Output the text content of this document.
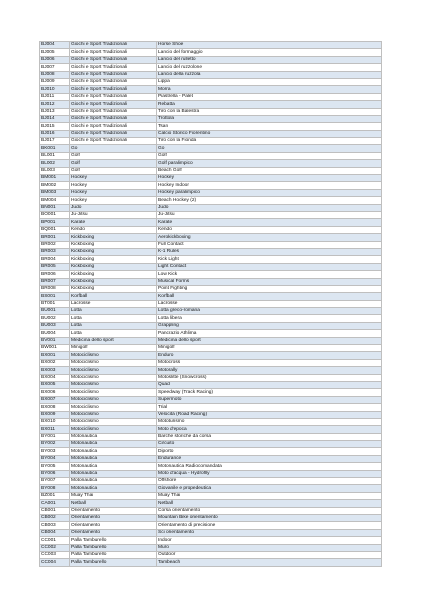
BJ004	Giochi e Sport Tradizionali	Horse Shoe
BJ005	Giochi e Sport Tradizionali	Lancio del formaggio
BJ006	Giochi e Sport Tradizionali	Lancio del rulletto
BJ007	Giochi e Sport Tradizionali	Lancio del ruzzolone
BJ008	Giochi e Sport Tradizionali	Lancio della ruzzola
BJ009	Giochi e Sport Tradizionali	Lippa
BJ010	Giochi e Sport Tradizionali	Morra
BJ011	Giochi e Sport Tradizionali	Piastrella - Palet
BJ012	Giochi e Sport Tradizionali	Rebatta
BJ013	Giochi e Sport Tradizionali	Tiro con la Balestra
BJ014	Giochi e Sport Tradizionali	Trottola
BJ015	Giochi e Sport Tradizionali	Tsan
BJ016	Giochi e Sport Tradizionali	Calcio Storico Fiorentino
BJ017	Giochi e Sport Tradizionali	Tiro con la Fionda
BK001	Go	Go
BL001	Golf	Golf
BL002	Golf	Golf paralimpico
BL003	Golf	Beach Golf
BM001	Hockey	Hockey
BM002	Hockey	Hockey Indoor
BM003	Hockey	Hockey paralimpico
BM004	Hockey	Beach Hockey (2)
BN001	Judo	Judo
BO001	Ju-Jitsu	Ju-Jitsu
BP001	Karate	Karate
BQ001	Kendo	Kendo
BR001	Kickboxing	Aerokickboxing
BR002	Kickboxing	Full Contact
BR003	Kickboxing	K-1 Rules
BR004	Kickboxing	Kick Light
BR005	Kickboxing	Light Contact
BR006	Kickboxing	Low Kick
BR007	Kickboxing	Musical Forms
BR008	Kickboxing	Point Fighting
BS001	Korfball	Korfball
BT001	Lacrosse	Lacrosse
BU001	Lotta	Lotta greco-romana
BU002	Lotta	Lotta libera
BU003	Lotta	Grappling
BU004	Lotta	Pancrazio Athlima
BV001	Medicina dello sport	Medicina dello sport
BW001	Minigolf	Minigolf
BX001	Motociclismo	Enduro
BX002	Motociclismo	Motocross
BX003	Motociclismo	Motorally
BX004	Motociclismo	Motoslitte (Snowcross)
BX005	Motociclismo	Quad
BX006	Motociclismo	Speedway (Track Racing)
BX007	Motociclismo	Supermoto
BX008	Motociclismo	Trial
BX009	Motociclismo	Velocità (Road Racing)
BX010	Motociclismo	Mototurismo
BX011	Motociclismo	Moto d'epoca
BY001	Motonautica	Barche storiche da corsa
BY002	Motonautica	Circuito
BY003	Motonautica	Diporto
BY004	Motonautica	Endurance
BY005	Motonautica	Motonautica Radiocomandata
BY006	Motonautica	Moto d'acqua - Hydroflly
BY007	Motonautica	Offshore
BY008	Motonautica	Giovanile e propedeutica
BZ001	Muay Thai	Muay Thai
CA001	Netball	Netball
CB001	Orientamento	Corsa orientamento
CB002	Orientamento	Mountain Bike orientamento
CB003	Orientamento	Orientamento di precisione
CB004	Orientamento	Sci orientamento
CC001	Palla Tamburello	Indoor
CC002	Palla Tamburello	Muro
CC003	Palla Tamburello	Outdoor
CC004	Palla Tamburello	Tambeach
